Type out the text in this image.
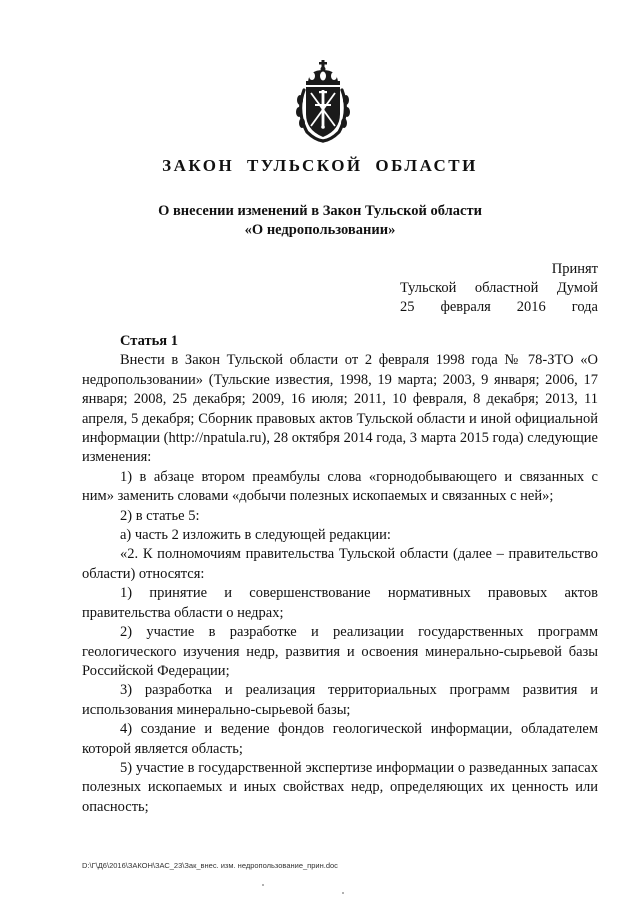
ЗАКОН ТУЛЬСКОЙ ОБЛАСТИ
О внесении изменений в Закон Тульской области
«О недропользовании»
Принят
Тульской областной Думой
25 февраля 2016 года

Статья 1

Внести в Закон Тульской области от 2 февраля 1998 года № 78-ЗТО «О недропользовании» (Тульские известия, 1998, 19 марта; 2003, 9 января; 2006, 17 января; 2008, 25 декабря; 2009, 16 июля; 2011, 10 февраля, 8 декабря; 2013, 11 апреля, 5 декабря; Сборник правовых актов Тульской области и иной официальной информации (http://npatula.ru), 28 октября 2014 года, 3 марта 2015 года) следующие изменения:

1) в абзаце втором преамбулы слова «горнодобывающего и связанных с ним» заменить словами «добычи полезных ископаемых и связанных с ней»;

2) в статье 5:

а) часть 2 изложить в следующей редакции:

«2. К полномочиям правительства Тульской области (далее – правительство области) относятся:

1) принятие и совершенствование нормативных правовых актов правительства области о недрах;

2) участие в разработке и реализации государственных программ геологического изучения недр, развития и освоения минерально-сырьевой базы Российской Федерации;

3) разработка и реализация территориальных программ развития и использования минерально-сырьевой базы;

4) создание и ведение фондов геологической информации, обладателем которой является область;

5) участие в государственной экспертизе информации о разведанных запасах полезных ископаемых и иных свойствах недр, определяющих их ценность или опасность;

D:\Г\Д6\2016\ЗАКОН\ЗАС_23\Зак_внес. изм. недропользование_прин.doc
